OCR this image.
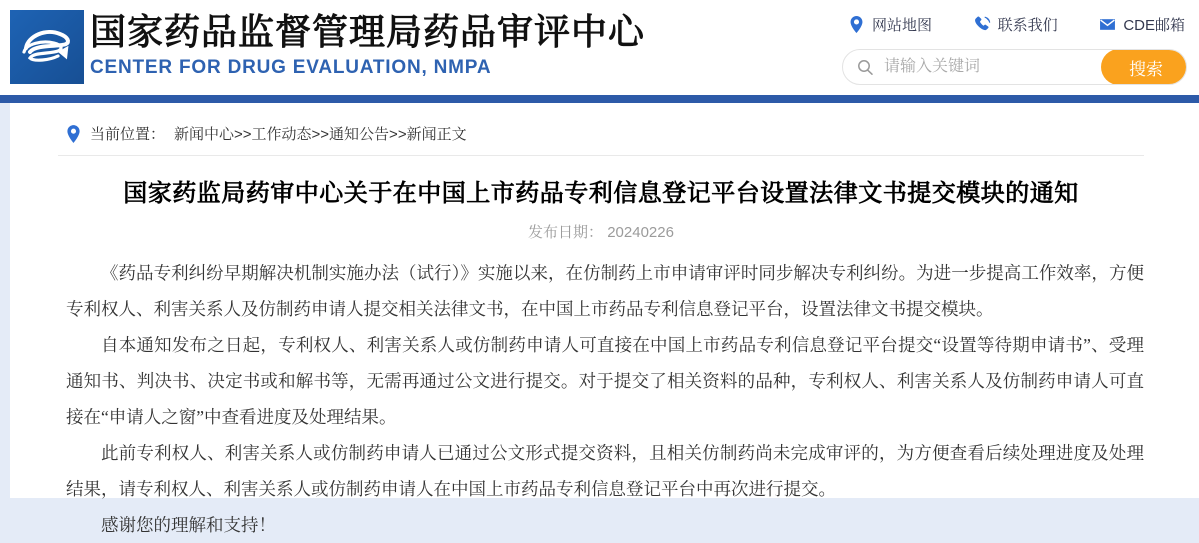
国家药品监督管理局药品审评中心
CENTER FOR DRUG EVALUATION, NMPA
网站地图	联系我们	CDE邮箱
请输入关键词
搜索
当前位置： 新闻中心>>工作动态>>通知公告>>新闻正文
国家药监局药审中心关于在中国上市药品专利信息登记平台设置法律文书提交模块的通知
发布日期： 20240226

《药品专利纠纷早期解决机制实施办法（试行）》实施以来，在仿制药上市申请审评时同步解决专利纠纷。为进一步提高工作效率，方便专利权人、利害关系人及仿制药申请人提交相关法律文书，在中国上市药品专利信息登记平台，设置法律文书提交模块。

自本通知发布之日起，专利权人、利害关系人或仿制药申请人可直接在中国上市药品专利信息登记平台提交“设置等待期申请书”、受理通知书、判决书、决定书或和解书等，无需再通过公文进行提交。对于提交了相关资料的品种，专利权人、利害关系人及仿制药申请人可直接在“申请人之窗”中查看进度及处理结果。

此前专利权人、利害关系人或仿制药申请人已通过公文形式提交资料，且相关仿制药尚未完成审评的，为方便查看后续处理进度及处理结果，请专利权人、利害关系人或仿制药申请人在中国上市药品专利信息登记平台中再次进行提交。

感谢您的理解和支持！
